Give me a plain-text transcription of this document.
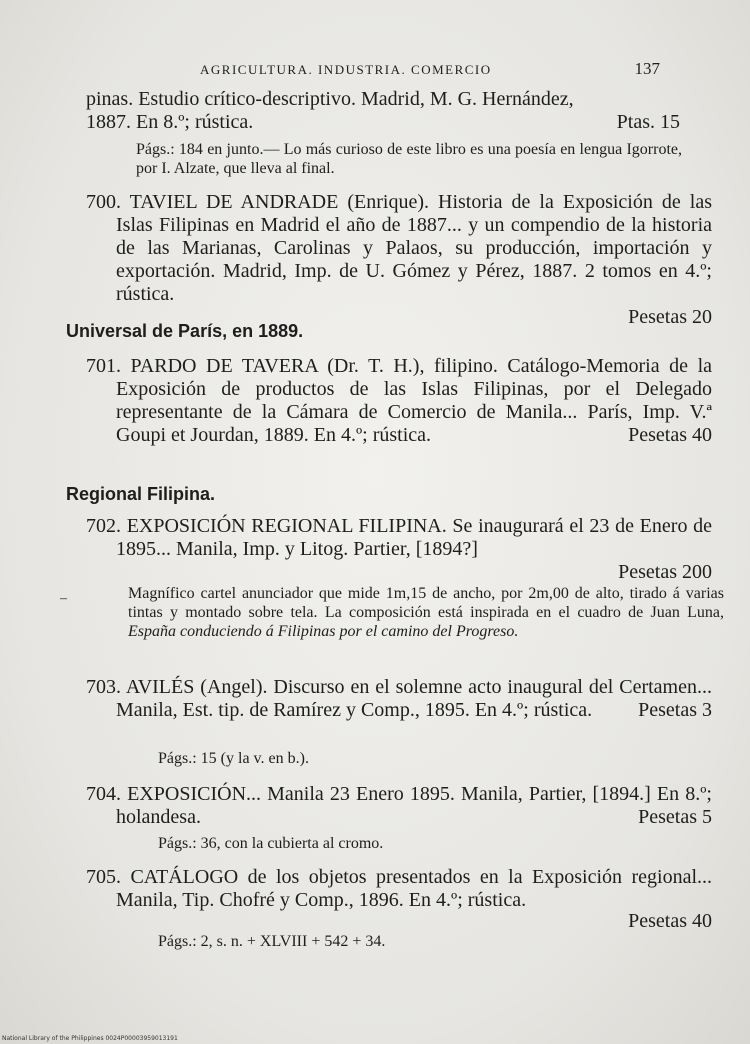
AGRICULTURA. INDUSTRIA. COMERCIO	137
pinas. Estudio crítico-descriptivo. Madrid, M. G. Hernández,
1887. En 8.º; rústica.	Ptas. 15
Págs.: 184 en junto.— Lo más curioso de este libro es una poesía en lengua Igorrote, por I. Alzate, que lleva al final.

700. TAVIEL DE ANDRADE (Enrique). Historia de la Exposición de las Islas Filipinas en Madrid el año de 1887... y un compendio de la historia de las Marianas, Carolinas y Palaos, su producción, importación y exportación. Madrid, Imp. de U. Gómez y Pérez, 1887. 2 tomos en 4.º; rústica.

Pesetas 20

Universal de París, en 1889.

701. PARDO DE TAVERA (Dr. T. H.), filipino. Catálogo-Memoria de la Exposición de productos de las Islas Filipinas, por el Delegado representante de la Cámara de Comercio de Manila... París, Imp. V.ª Goupi et Jourdan, 1889. En 4.º; rústica.	Pesetas 40

Regional Filipina.

702. EXPOSICIÓN REGIONAL FILIPINA. Se inaugurará el 23 de Enero de 1895... Manila, Imp. y Litog. Partier, [1894?]

Pesetas 200

–	Magnífico cartel anunciador que mide 1m,15 de ancho, por 2m,00 de alto, tirado á varias tintas y montado sobre tela. La composición está inspirada en el cuadro de Juan Luna, España conduciendo á Filipinas por el camino del Progreso.

703. AVILÉS (Angel). Discurso en el solemne acto inaugural del Certamen... Manila, Est. tip. de Ramírez y Comp., 1895. En 4.º; rústica.	Pesetas 3

Págs.: 15 (y la v. en b.).

704. EXPOSICIÓN... Manila 23 Enero 1895. Manila, Partier, [1894.] En 8.º; holandesa.	Pesetas 5

Págs.: 36, con la cubierta al cromo.

705. CATÁLOGO de los objetos presentados en la Exposición regional... Manila, Tip. Chofré y Comp., 1896. En 4.º; rústica.

Pesetas 40

Págs.: 2, s. n. + XLVIII + 542 + 34.
National Library of the Philippines 0024P00003959013191
